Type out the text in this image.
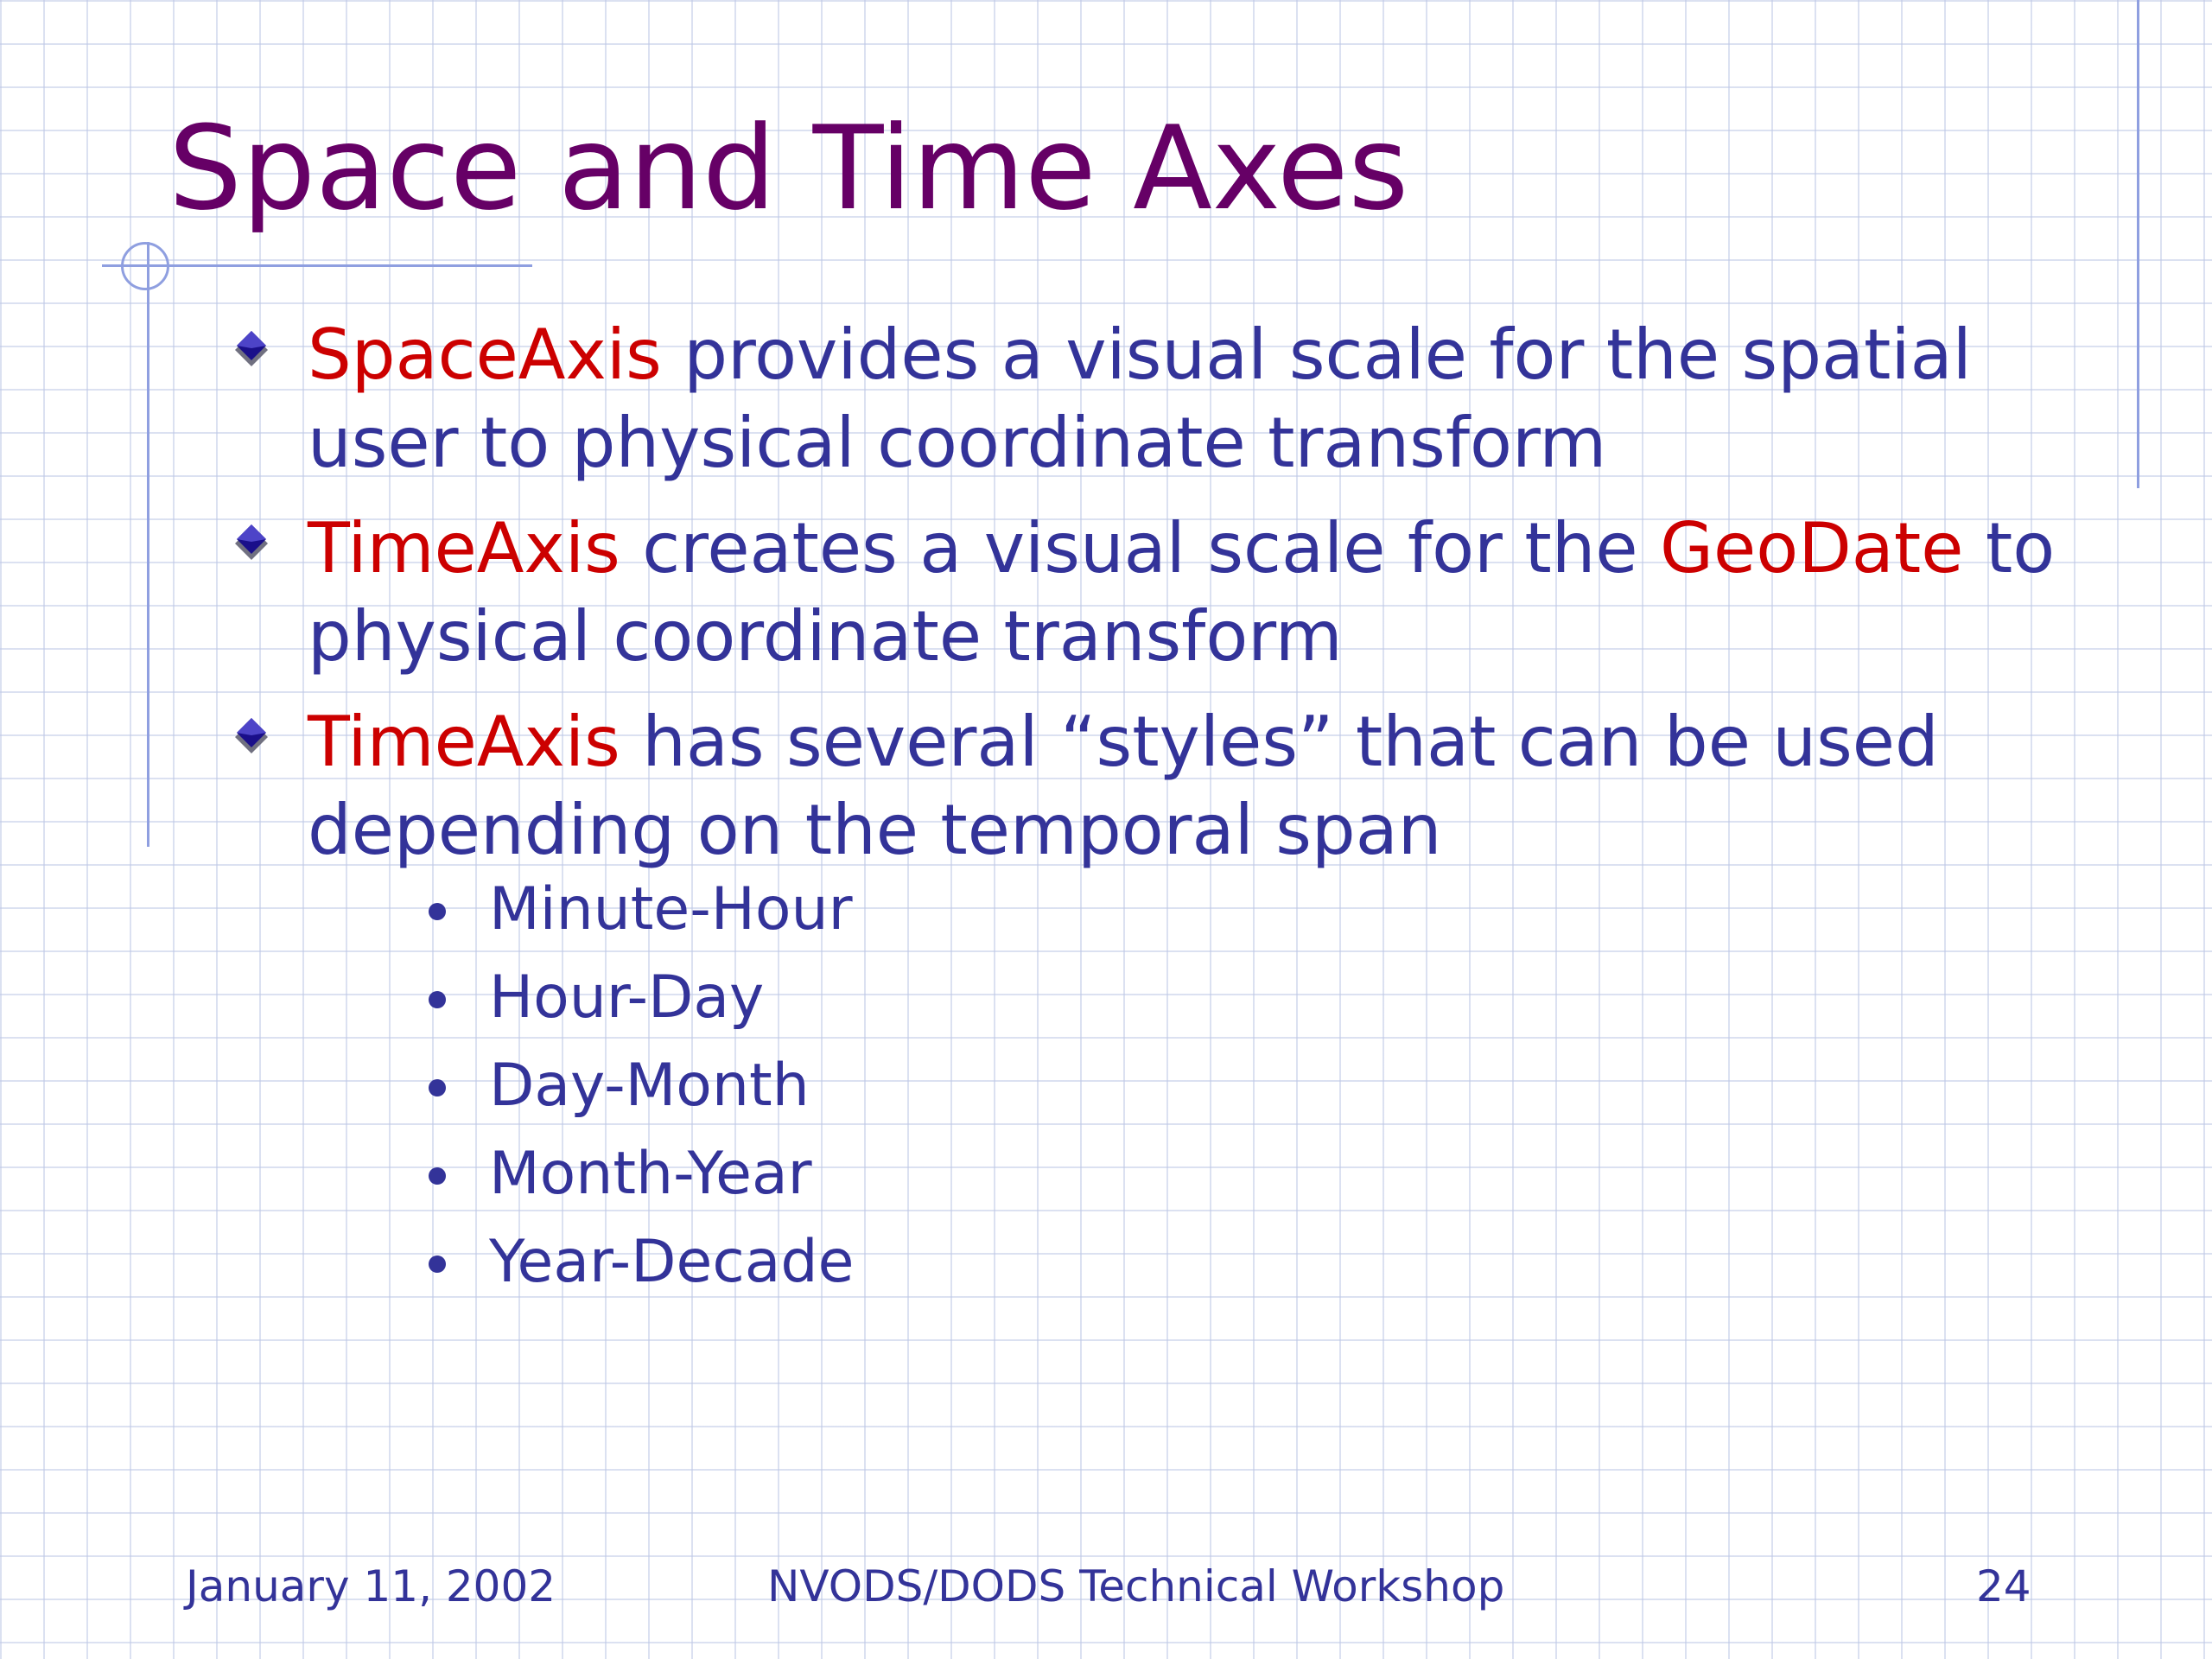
Space and Time Axes
SpaceAxis provides a visual scale for the spatial user to physical coordinate transform
TimeAxis creates a visual scale for the GeoDate to physical coordinate transform
TimeAxis has several “styles” that can be used depending on the temporal span
Minute-Hour
Hour-Day
Day-Month
Month-Year
Year-Decade
January 11, 2002	NVODS/DODS Technical Workshop	24
